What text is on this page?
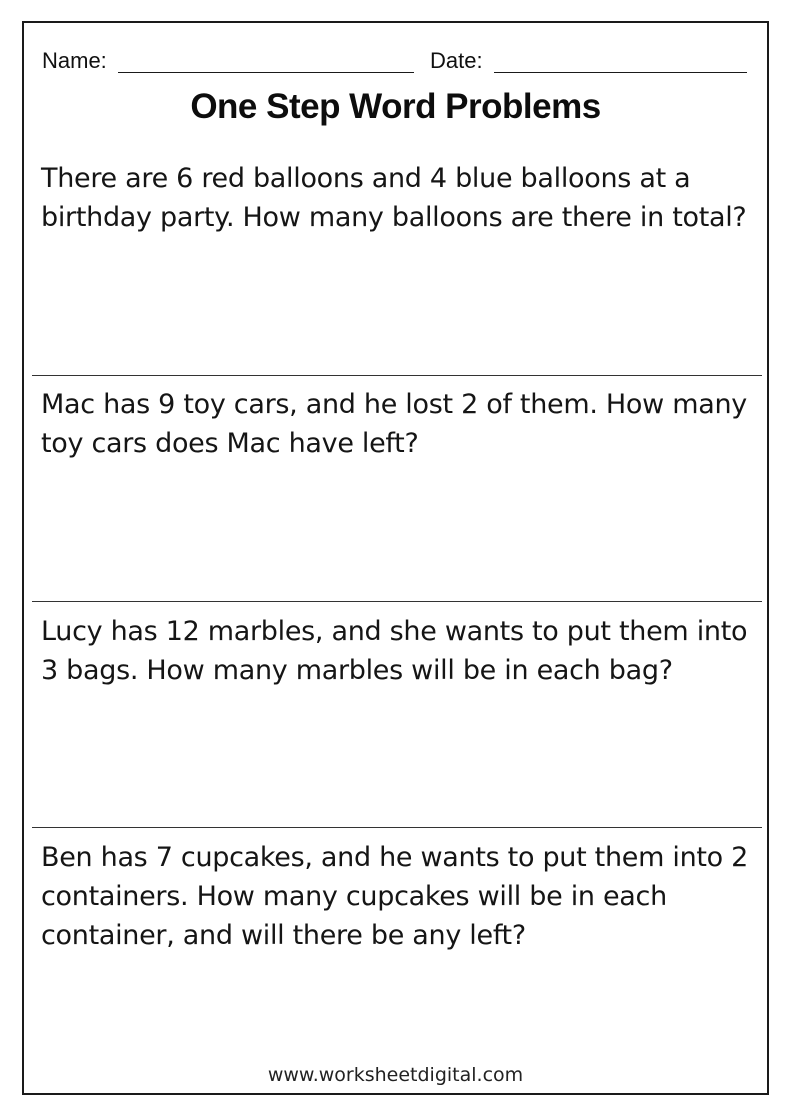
Name:	Date:
One Step Word Problems
There are 6 red balloons and 4 blue balloons at a birthday party. How many balloons are there in total?
Mac has 9 toy cars, and he lost 2 of them. How many toy cars does Mac have left?
Lucy has 12 marbles, and she wants to put them into 3 bags. How many marbles will be in each bag?
Ben has 7 cupcakes, and he wants to put them into 2 containers. How many cupcakes will be in each container, and will there be any left?
www.worksheetdigital.com
